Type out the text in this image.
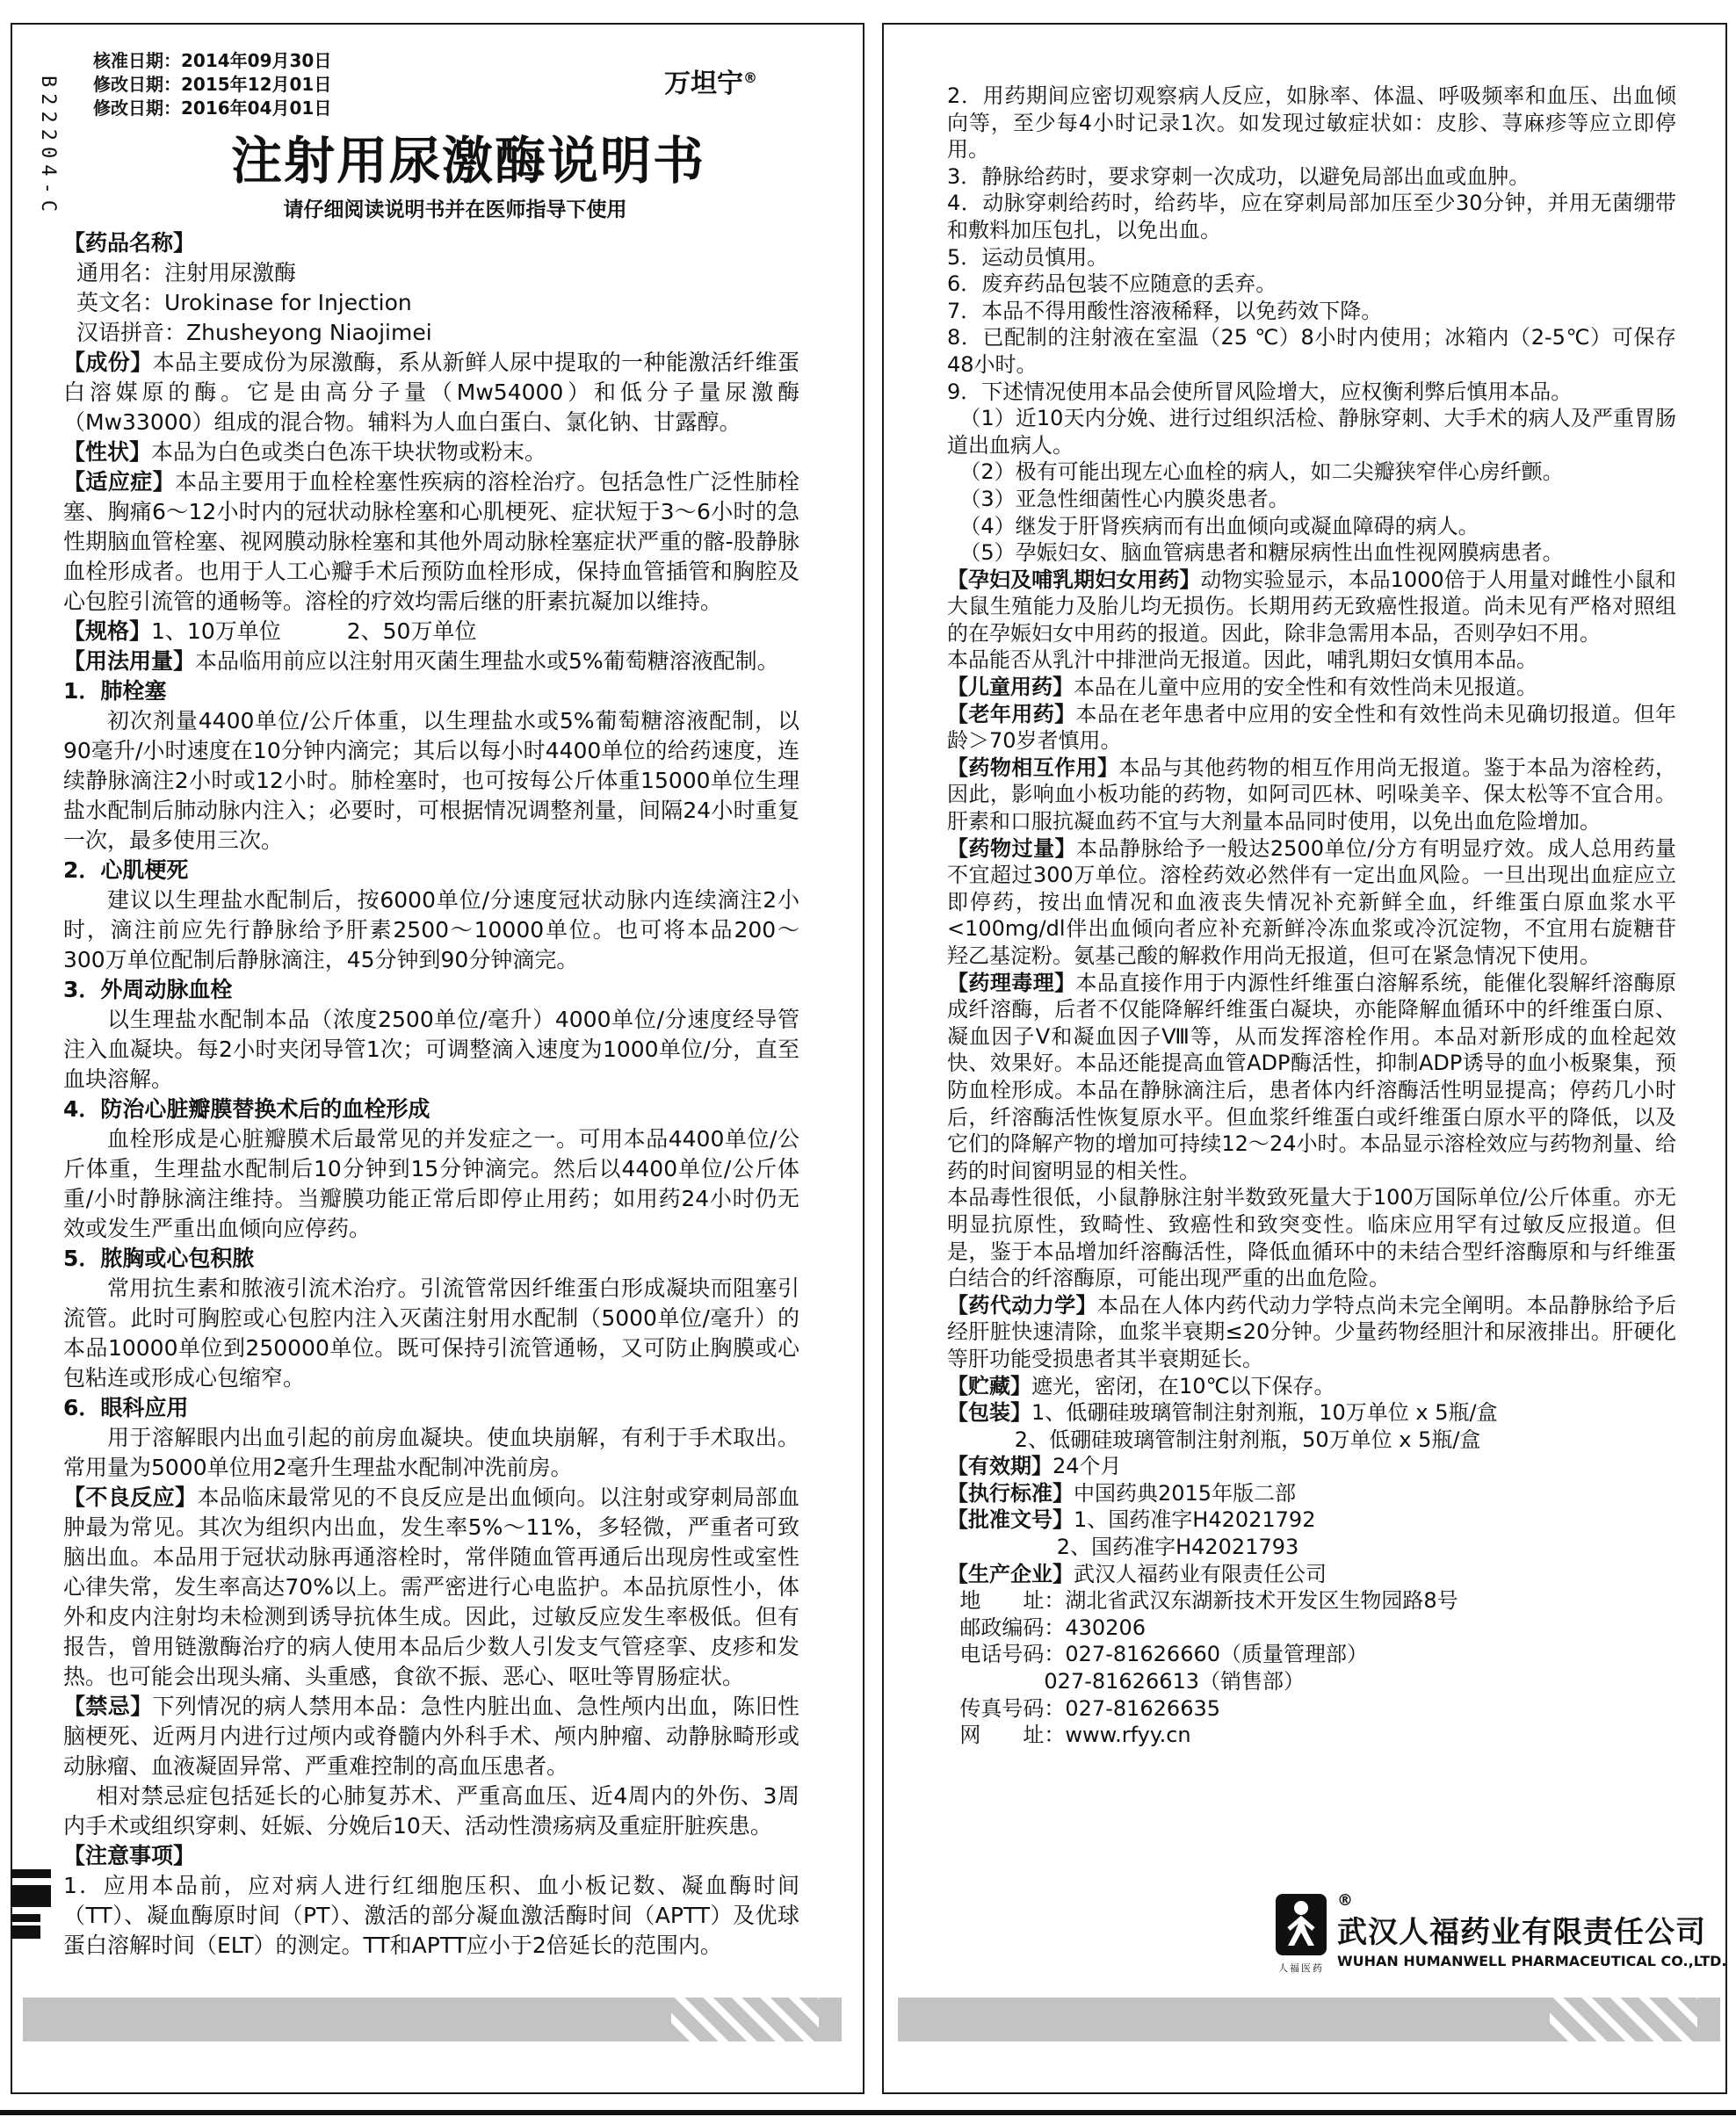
B22204-C
核准日期：2014年09月30日
修改日期：2015年12月01日
修改日期：2016年04月01日
万坦宁®
注射用尿激酶说明书
请仔细阅读说明书并在医师指导下使用

【药品名称】

通用名：注射用尿激酶

英文名：Urokinase for Injection

汉语拼音：Zhusheyong Niaojimei

【成份】本品主要成份为尿激酶，系从新鲜人尿中提取的一种能激活纤维蛋白溶媒原的酶。它是由高分子量（Mw54000）和低分子量尿激酶（Mw33000）组成的混合物。辅料为人血白蛋白、氯化钠、甘露醇。

【性状】本品为白色或类白色冻干块状物或粉末。

【适应症】本品主要用于血栓栓塞性疾病的溶栓治疗。包括急性广泛性肺栓塞、胸痛6～12小时内的冠状动脉栓塞和心肌梗死、症状短于3～6小时的急性期脑血管栓塞、视网膜动脉栓塞和其他外周动脉栓塞症状严重的髂-股静脉血栓形成者。也用于人工心瓣手术后预防血栓形成，保持血管插管和胸腔及心包腔引流管的通畅等。溶栓的疗效均需后继的肝素抗凝加以维持。

【规格】1、10万单位　　　2、50万单位

【用法用量】本品临用前应以注射用灭菌生理盐水或5%葡萄糖溶液配制。

1．肺栓塞

初次剂量4400单位/公斤体重，以生理盐水或5%葡萄糖溶液配制，以90毫升/小时速度在10分钟内滴完；其后以每小时4400单位的给药速度，连续静脉滴注2小时或12小时。肺栓塞时，也可按每公斤体重15000单位生理盐水配制后肺动脉内注入；必要时，可根据情况调整剂量，间隔24小时重复一次，最多使用三次。

2．心肌梗死

建议以生理盐水配制后，按6000单位/分速度冠状动脉内连续滴注2小时，滴注前应先行静脉给予肝素2500～10000单位。也可将本品200～300万单位配制后静脉滴注，45分钟到90分钟滴完。

3．外周动脉血栓

以生理盐水配制本品（浓度2500单位/毫升）4000单位/分速度经导管注入血凝块。每2小时夹闭导管1次；可调整滴入速度为1000单位/分，直至血块溶解。

4．防治心脏瓣膜替换术后的血栓形成

血栓形成是心脏瓣膜术后最常见的并发症之一。可用本品4400单位/公斤体重，生理盐水配制后10分钟到15分钟滴完。然后以4400单位/公斤体重/小时静脉滴注维持。当瓣膜功能正常后即停止用药；如用药24小时仍无效或发生严重出血倾向应停药。

5．脓胸或心包积脓

常用抗生素和脓液引流术治疗。引流管常因纤维蛋白形成凝块而阻塞引流管。此时可胸腔或心包腔内注入灭菌注射用水配制（5000单位/毫升）的本品10000单位到250000单位。既可保持引流管通畅，又可防止胸膜或心包粘连或形成心包缩窄。

6．眼科应用

用于溶解眼内出血引起的前房血凝块。使血块崩解，有利于手术取出。常用量为5000单位用2毫升生理盐水配制冲洗前房。

【不良反应】本品临床最常见的不良反应是出血倾向。以注射或穿刺局部血肿最为常见。其次为组织内出血，发生率5%～11%，多轻微，严重者可致脑出血。本品用于冠状动脉再通溶栓时，常伴随血管再通后出现房性或室性心律失常，发生率高达70%以上。需严密进行心电监护。本品抗原性小，体外和皮内注射均未检测到诱导抗体生成。因此，过敏反应发生率极低。但有报告，曾用链激酶治疗的病人使用本品后少数人引发支气管痉挛、皮疹和发热。也可能会出现头痛、头重感，食欲不振、恶心、呕吐等胃肠症状。

【禁忌】下列情况的病人禁用本品：急性内脏出血、急性颅内出血，陈旧性脑梗死、近两月内进行过颅内或脊髓内外科手术、颅内肿瘤、动静脉畸形或动脉瘤、血液凝固异常、严重难控制的高血压患者。

相对禁忌症包括延长的心肺复苏术、严重高血压、近4周内的外伤、3周内手术或组织穿刺、妊娠、分娩后10天、活动性溃疡病及重症肝脏疾患。

【注意事项】

1．应用本品前，应对病人进行红细胞压积、血小板记数、凝血酶时间（TT）、凝血酶原时间（PT）、激活的部分凝血激活酶时间（APTT）及优球蛋白溶解时间（ELT）的测定。TT和APTT应小于2倍延长的范围内。

2．用药期间应密切观察病人反应，如脉率、体温、呼吸频率和血压、出血倾向等，至少每4小时记录1次。如发现过敏症状如：皮胗、荨麻疹等应立即停用。

3．静脉给药时，要求穿刺一次成功，以避免局部出血或血肿。

4．动脉穿刺给药时，给药毕，应在穿刺局部加压至少30分钟，并用无菌绷带和敷料加压包扎，以免出血。

5．运动员慎用。

6．废弃药品包装不应随意的丢弃。

7．本品不得用酸性溶液稀释，以免药效下降。

8．已配制的注射液在室温（25 ℃）8小时内使用；冰箱内（2-5℃）可保存48小时。

9．下述情况使用本品会使所冒风险增大，应权衡利弊后慎用本品。

（1）近10天内分娩、进行过组织活检、静脉穿刺、大手术的病人及严重胃肠道出血病人。

（2）极有可能出现左心血栓的病人，如二尖瓣狭窄伴心房纤颤。

（3）亚急性细菌性心内膜炎患者。

（4）继发于肝肾疾病而有出血倾向或凝血障碍的病人。

（5）孕娠妇女、脑血管病患者和糖尿病性出血性视网膜病患者。

【孕妇及哺乳期妇女用药】动物实验显示，本品1000倍于人用量对雌性小鼠和大鼠生殖能力及胎儿均无损伤。长期用药无致癌性报道。尚未见有严格对照组的在孕娠妇女中用药的报道。因此，除非急需用本品，否则孕妇不用。

本品能否从乳汁中排泄尚无报道。因此，哺乳期妇女慎用本品。

【儿童用药】本品在儿童中应用的安全性和有效性尚未见报道。

【老年用药】本品在老年患者中应用的安全性和有效性尚未见确切报道。但年龄＞70岁者慎用。

【药物相互作用】本品与其他药物的相互作用尚无报道。鉴于本品为溶栓药，因此，影响血小板功能的药物，如阿司匹林、吲哚美辛、保太松等不宜合用。肝素和口服抗凝血药不宜与大剂量本品同时使用，以免出血危险增加。

【药物过量】本品静脉给予一般达2500单位/分方有明显疗效。成人总用药量不宜超过300万单位。溶栓药效必然伴有一定出血风险。一旦出现出血症应立即停药，按出血情况和血液丧失情况补充新鲜全血，纤维蛋白原血浆水平<100mg/dl伴出血倾向者应补充新鲜冷冻血浆或冷沉淀物，不宜用右旋糖苷羟乙基淀粉。氨基己酸的解救作用尚无报道，但可在紧急情况下使用。

【药理毒理】本品直接作用于内源性纤维蛋白溶解系统，能催化裂解纤溶酶原成纤溶酶，后者不仅能降解纤维蛋白凝块，亦能降解血循环中的纤维蛋白原、凝血因子Ⅴ和凝血因子Ⅷ等，从而发挥溶栓作用。本品对新形成的血栓起效快、效果好。本品还能提高血管ADP酶活性，抑制ADP诱导的血小板聚集，预防血栓形成。本品在静脉滴注后，患者体内纤溶酶活性明显提高；停药几小时后，纤溶酶活性恢复原水平。但血浆纤维蛋白或纤维蛋白原水平的降低，以及它们的降解产物的增加可持续12～24小时。本品显示溶栓效应与药物剂量、给药的时间窗明显的相关性。

本品毒性很低，小鼠静脉注射半数致死量大于100万国际单位/公斤体重。亦无明显抗原性，致畸性、致癌性和致突变性。临床应用罕有过敏反应报道。但是，鉴于本品增加纤溶酶活性，降低血循环中的未结合型纤溶酶原和与纤维蛋白结合的纤溶酶原，可能出现严重的出血危险。

【药代动力学】本品在人体内药代动力学特点尚未完全阐明。本品静脉给予后经肝脏快速清除，血浆半衰期≤20分钟。少量药物经胆汁和尿液排出。肝硬化等肝功能受损患者其半衰期延长。

【贮藏】遮光，密闭，在10℃以下保存。

【包装】1、低硼硅玻璃管制注射剂瓶，10万单位 x 5瓶/盒

2、低硼硅玻璃管制注射剂瓶，50万单位 x 5瓶/盒

【有效期】24个月

【执行标准】中国药典2015年版二部

【批准文号】1、国药准字H42021792

2、国药准字H42021793

【生产企业】武汉人福药业有限责任公司

地　　址：湖北省武汉东湖新技术开发区生物园路8号

邮政编码：430206

电话号码：027-81626660（质量管理部）

027-81626613（销售部）

传真号码：027-81626635

网　　址：www.rfyy.cn

人福医药
®
武汉人福药业有限责任公司
WUHAN HUMANWELL PHARMACEUTICAL CO.,LTD.
